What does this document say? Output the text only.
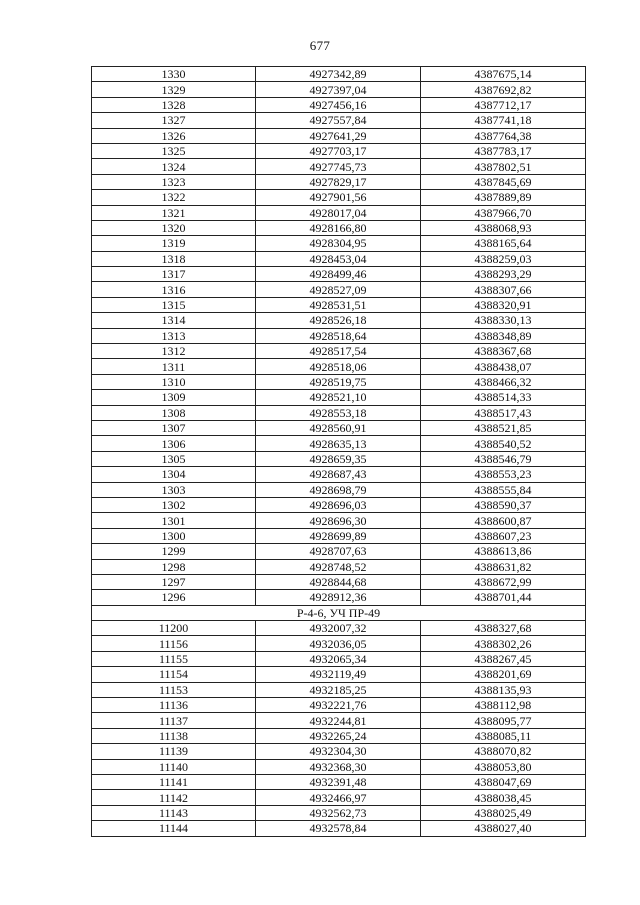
677
1330	4927342,89	4387675,14
1329	4927397,04	4387692,82
1328	4927456,16	4387712,17
1327	4927557,84	4387741,18
1326	4927641,29	4387764,38
1325	4927703,17	4387783,17
1324	4927745,73	4387802,51
1323	4927829,17	4387845,69
1322	4927901,56	4387889,89
1321	4928017,04	4387966,70
1320	4928166,80	4388068,93
1319	4928304,95	4388165,64
1318	4928453,04	4388259,03
1317	4928499,46	4388293,29
1316	4928527,09	4388307,66
1315	4928531,51	4388320,91
1314	4928526,18	4388330,13
1313	4928518,64	4388348,89
1312	4928517,54	4388367,68
1311	4928518,06	4388438,07
1310	4928519,75	4388466,32
1309	4928521,10	4388514,33
1308	4928553,18	4388517,43
1307	4928560,91	4388521,85
1306	4928635,13	4388540,52
1305	4928659,35	4388546,79
1304	4928687,43	4388553,23
1303	4928698,79	4388555,84
1302	4928696,03	4388590,37
1301	4928696,30	4388600,87
1300	4928699,89	4388607,23
1299	4928707,63	4388613,86
1298	4928748,52	4388631,82
1297	4928844,68	4388672,99
1296	4928912,36	4388701,44
Р-4-6, УЧ ПР-49		
11200	4932007,32	4388327,68
11156	4932036,05	4388302,26
11155	4932065,34	4388267,45
11154	4932119,49	4388201,69
11153	4932185,25	4388135,93
11136	4932221,76	4388112,98
11137	4932244,81	4388095,77
11138	4932265,24	4388085,11
11139	4932304,30	4388070,82
11140	4932368,30	4388053,80
11141	4932391,48	4388047,69
11142	4932466,97	4388038,45
11143	4932562,73	4388025,49
11144	4932578,84	4388027,40
